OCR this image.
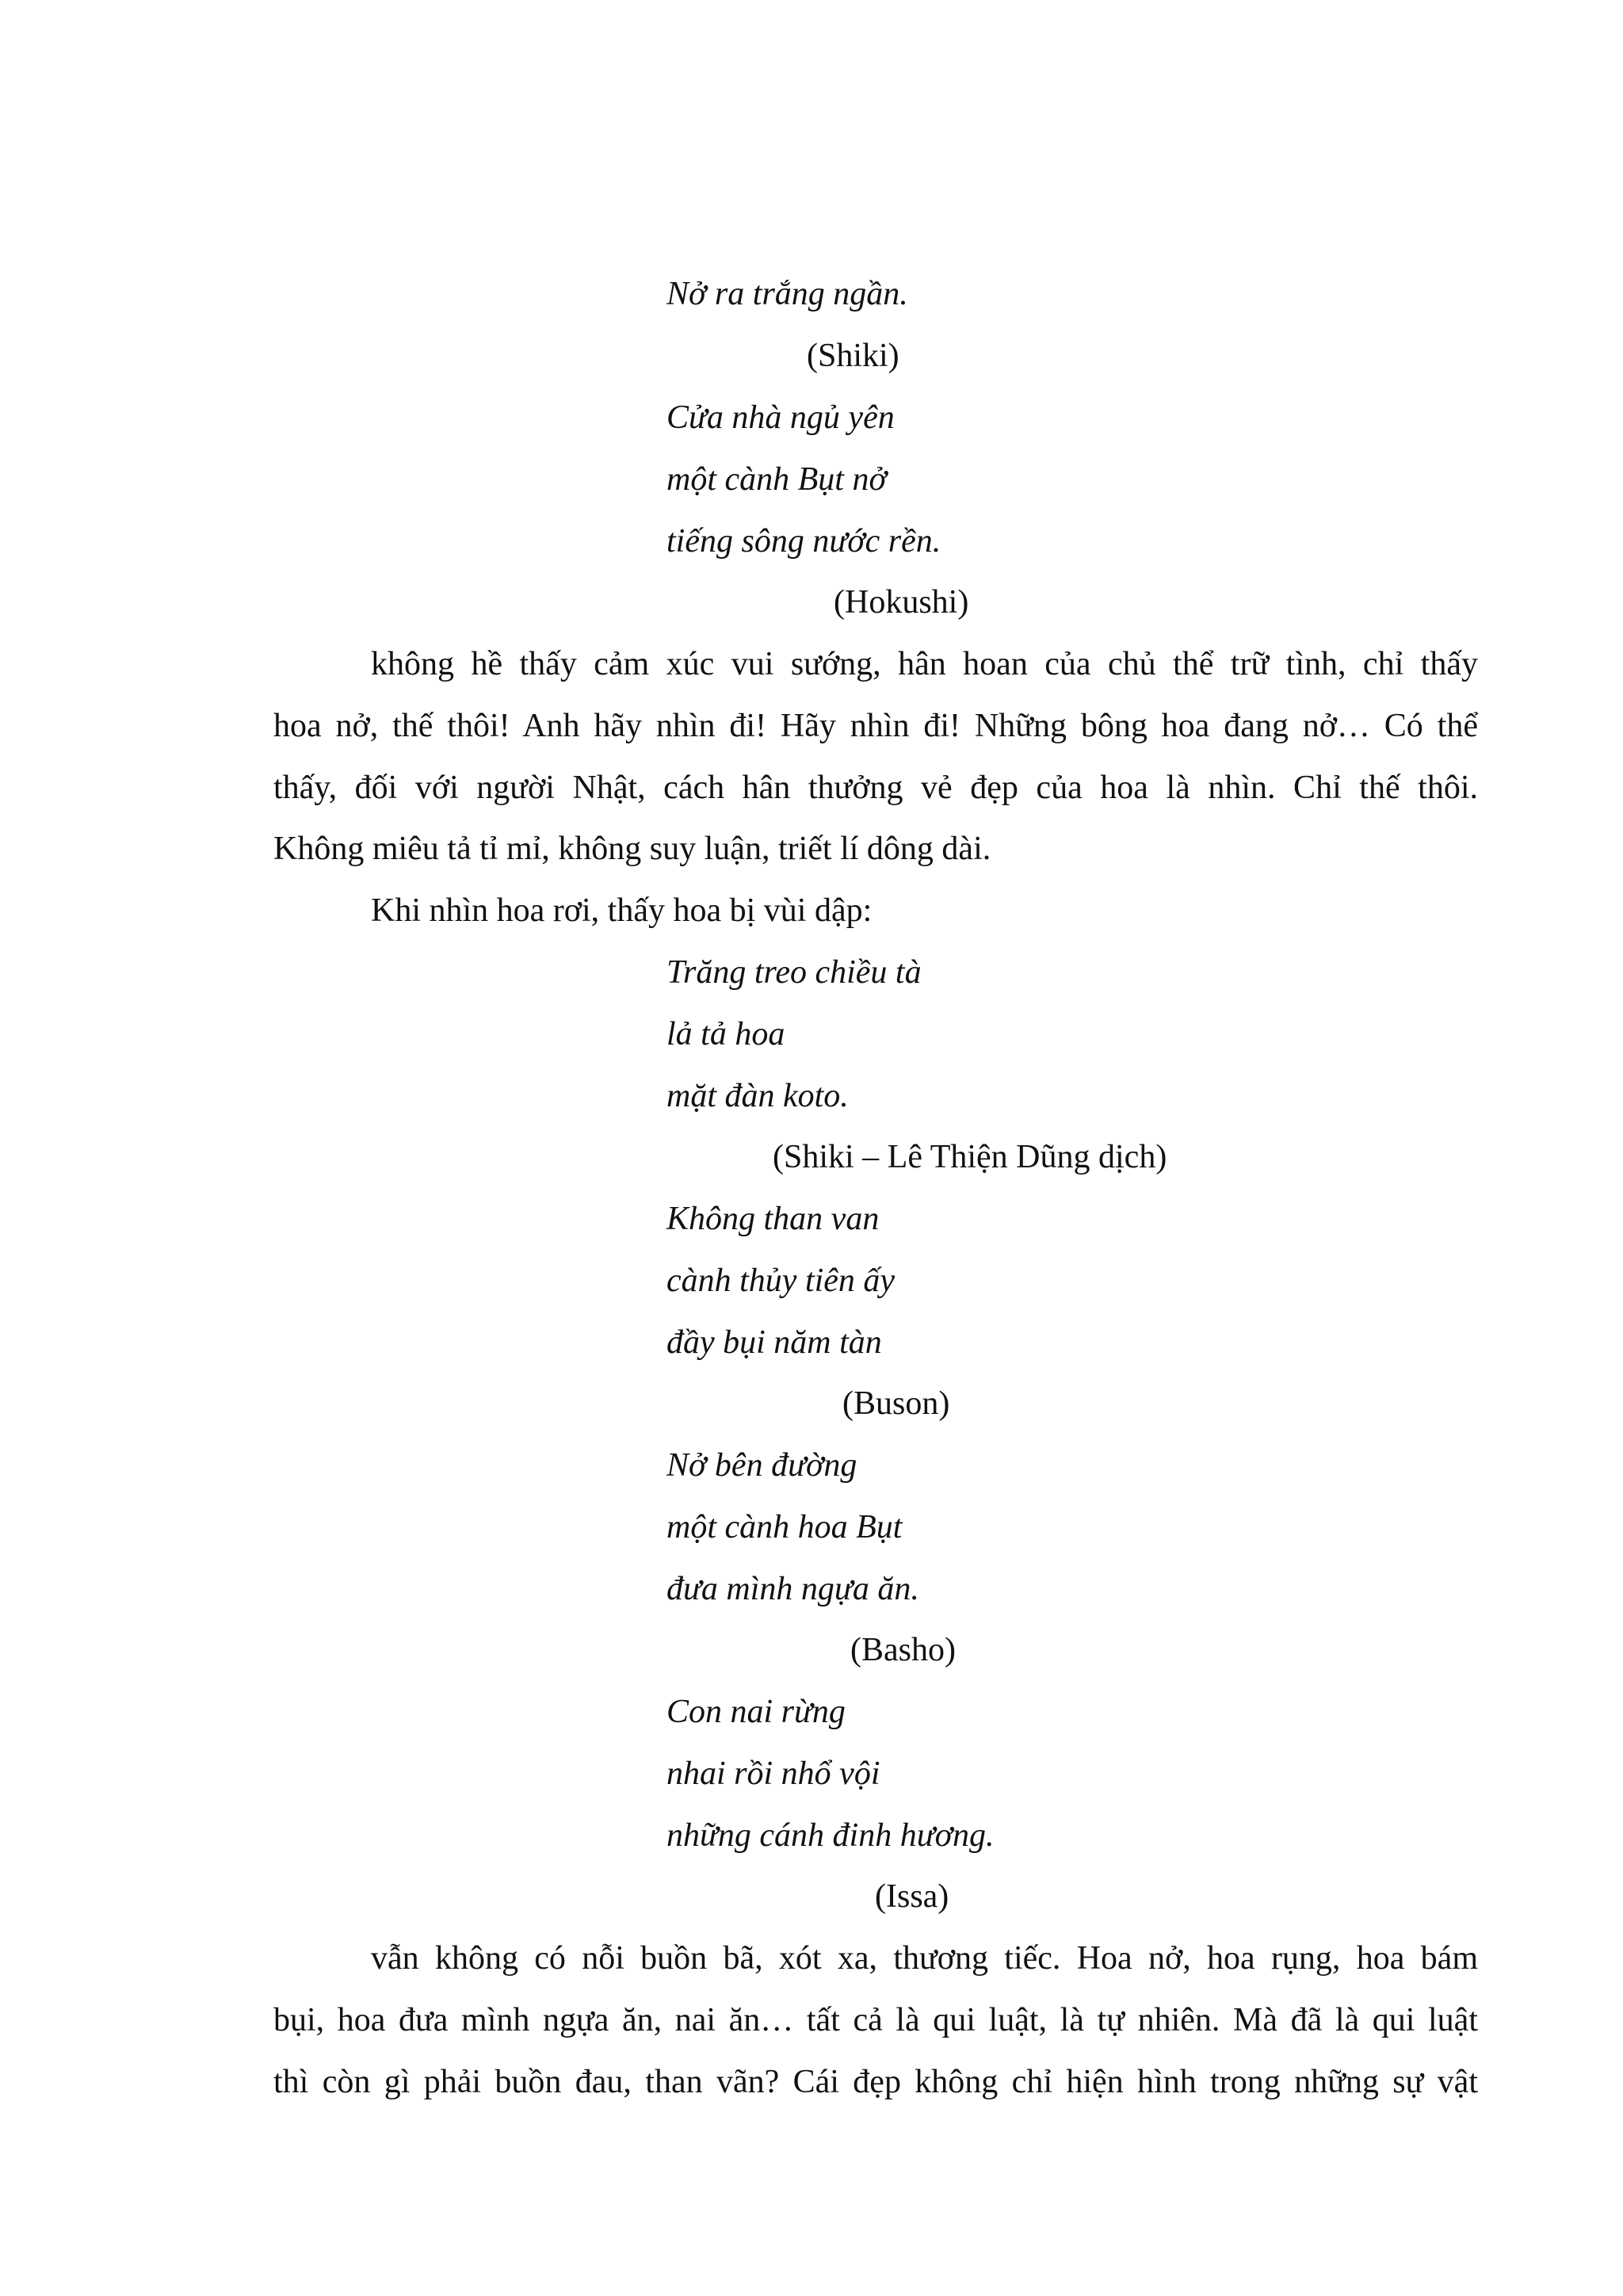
Nở ra trắng ngần.
(Shiki)
Cửa nhà ngủ yên
một cành Bụt nở
tiếng sông nước rền.
(Hokushi)
không hề thấy cảm xúc vui sướng, hân hoan của chủ thể trữ tình, chỉ thấy
hoa nở, thế thôi! Anh hãy nhìn đi! Hãy nhìn đi! Những bông hoa đang nở… Có thể
thấy, đối với người Nhật, cách hân thưởng vẻ đẹp của hoa là nhìn. Chỉ thế thôi.
Không miêu tả tỉ mỉ, không suy luận, triết lí dông dài.
Khi nhìn hoa rơi, thấy hoa bị vùi dập:
Trăng treo chiều tà
lả tả hoa
mặt đàn koto.
(Shiki – Lê Thiện Dũng dịch)
Không than van
cành thủy tiên ấy
đầy bụi năm tàn
(Buson)
Nở bên đường
một cành hoa Bụt
đưa mình ngựa ăn.
(Basho)
Con nai rừng
nhai rồi nhổ vội
những cánh đinh hương.
(Issa)
vẫn không có nỗi buồn bã, xót xa, thương tiếc. Hoa nở, hoa rụng, hoa bám
bụi, hoa đưa mình ngựa ăn, nai ăn… tất cả là qui luật, là tự nhiên. Mà đã là qui luật
thì còn gì phải buồn đau, than vãn? Cái đẹp không chỉ hiện hình trong những sự vật
